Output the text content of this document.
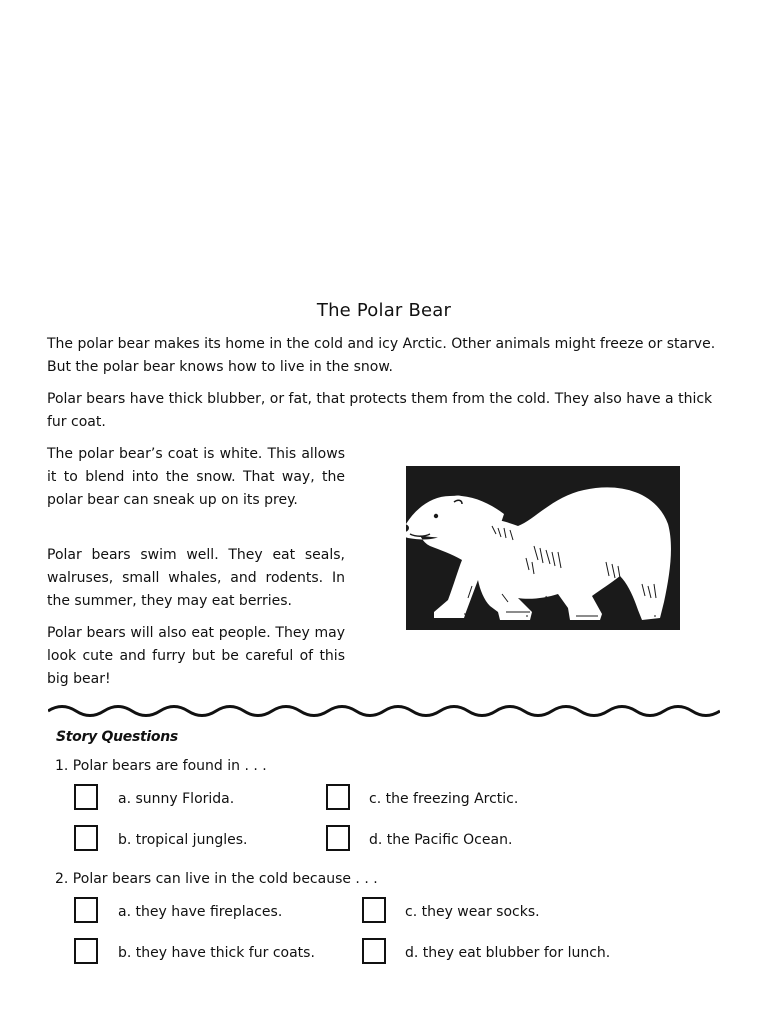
The Polar Bear

The polar bear makes its home in the cold and icy Arctic. Other animals might freeze or starve. But the polar bear knows how to live in the snow.

Polar bears have thick blubber, or fat, that protects them from the cold. They also have a thick fur coat.

The polar bear’s coat is white. This allows it to blend into the snow. That way, the polar bear can sneak up on its prey.

Polar bears swim well. They eat seals, walruses, small whales, and rodents. In the summer, they may eat berries.

Polar bears will also eat people. They may look cute and furry but be careful of this big bear!

Story Questions
1. Polar bears are found in . . .
a. sunny Florida.	c. the freezing Arctic.
b. tropical jungles.	d. the Pacific Ocean.
2. Polar bears can live in the cold because . . .
a. they have fireplaces.	c. they wear socks.
b. they have thick fur coats.	d. they eat blubber for lunch.
